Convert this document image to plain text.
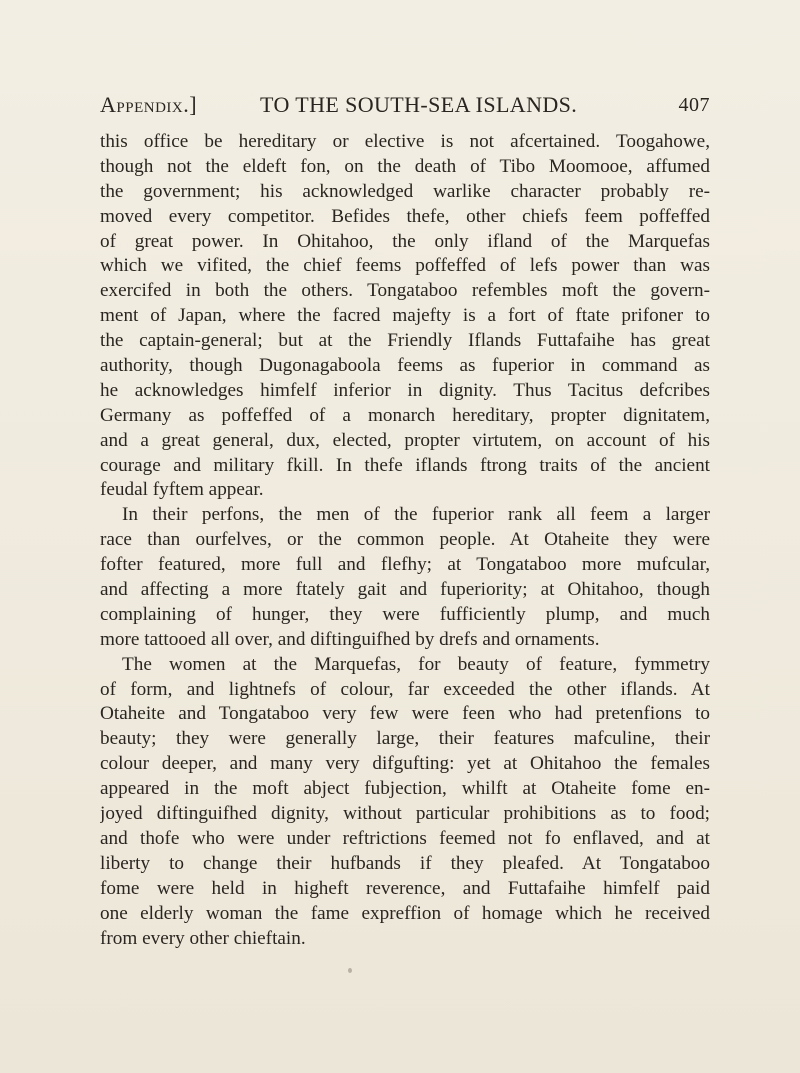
Appendix.]	TO THE SOUTH-SEA ISLANDS.	407
this office be hereditary or elective is not afcertained. Toogahowe,
though not the eldeft fon, on the death of Tibo Moomooe, affumed
the government; his acknowledged warlike character probably re-
moved every competitor. Befides thefe, other chiefs feem poffeffed
of great power. In Ohitahoo, the only ifland of the Marquefas
which we vifited, the chief feems poffeffed of lefs power than was
exercifed in both the others. Tongataboo refembles moft the govern-
ment of Japan, where the facred majefty is a fort of ftate prifoner to
the captain-general; but at the Friendly Iflands Futtafaihe has great
authority, though Dugonagaboola feems as fuperior in command as
he acknowledges himfelf inferior in dignity. Thus Tacitus defcribes
Germany as poffeffed of a monarch hereditary, propter dignitatem,
and a great general, dux, elected, propter virtutem, on account of his
courage and military fkill. In thefe iflands ftrong traits of the ancient
feudal fyftem appear.
In their perfons, the men of the fuperior rank all feem a larger
race than ourfelves, or the common people. At Otaheite they were
fofter featured, more full and flefhy; at Tongataboo more mufcular,
and affecting a more ftately gait and fuperiority; at Ohitahoo, though
complaining of hunger, they were fufficiently plump, and much
more tattooed all over, and diftinguifhed by drefs and ornaments.
The women at the Marquefas, for beauty of feature, fymmetry
of form, and lightnefs of colour, far exceeded the other iflands. At
Otaheite and Tongataboo very few were feen who had pretenfions to
beauty; they were generally large, their features mafculine, their
colour deeper, and many very difgufting: yet at Ohitahoo the females
appeared in the moft abject fubjection, whilft at Otaheite fome en-
joyed diftinguifhed dignity, without particular prohibitions as to food;
and thofe who were under reftrictions feemed not fo enflaved, and at
liberty to change their hufbands if they pleafed. At Tongataboo
fome were held in higheft reverence, and Futtafaihe himfelf paid
one elderly woman the fame expreffion of homage which he received
from every other chieftain.
